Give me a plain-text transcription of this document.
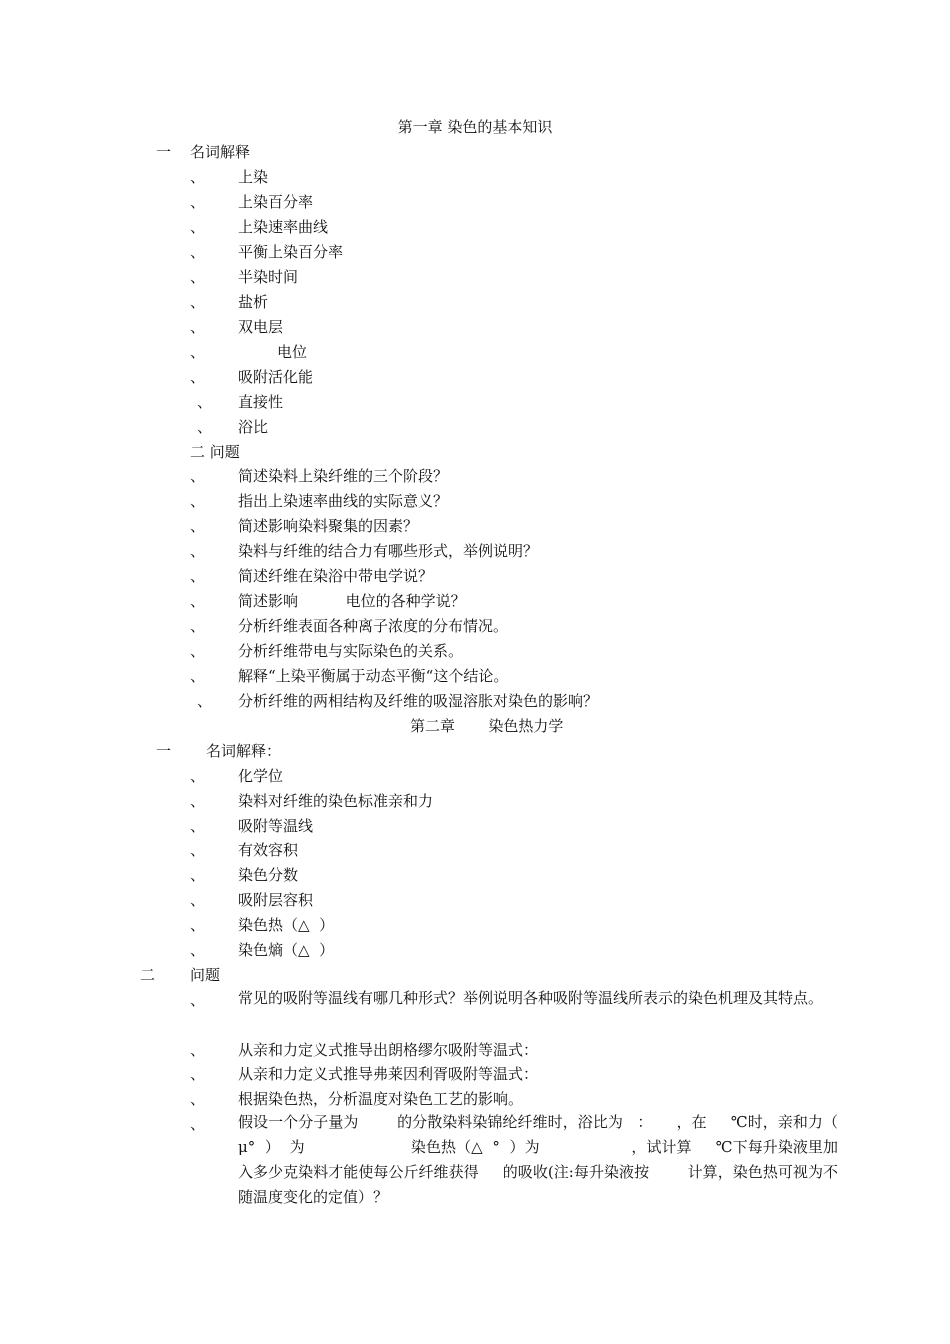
第一章 染色的基本知识
一 名词解释
、 上染
、 上染百分率
、 上染速率曲线
、 平衡上染百分率
、 半染时间
、 盐析
、 双电层
、	电位
、 吸附活化能
、 直接性
、 浴比
二 问题
、 简述染料上染纤维的三个阶段？
、 指出上染速率曲线的实际意义？
、 简述影响染料聚集的因素？
、 染料与纤维的结合力有哪些形式，举例说明？
、 简述纤维在染浴中带电学说？
、 简述影响          电位的各种学说？
、 分析纤维表面各种离子浓度的分布情况。
、 分析纤维带电与实际染色的关系。
、 解释“上染平衡属于动态平衡“这个结论。
、 分析纤维的两相结构及纤维的吸湿溶胀对染色的影响？
第二章       染色热力学
一 名词解释：
、 化学位
、 染料对纤维的染色标准亲和力
、 吸附等温线
、 有效容积
、 染色分数
、 吸附层容积
、 染色热（△  ）
、 染色熵（△  ）
二 问题
、 常见的吸附等温线有哪几种形式？举例说明各种吸附等温线所表示的染色机理及其特点。
、 从亲和力定义式推导出朗格缪尔吸附等温式：
、 从亲和力定义式推导弗莱因利胥吸附等温式：
、 根据染色热，分析温度对染色工艺的影响。
、 假设一个分子量为        的分散染料染锦纶纤维时，浴比为   ：     ，在     ℃时，亲和力（ μ°  ）  为                      染色热（△  °  ）为                   ，试计算     ℃下每升染液里加入多少克染料才能使每公斤纤维获得     的吸收(注:每升染液按        计算，染色热可视为不随温度变化的定值）？
